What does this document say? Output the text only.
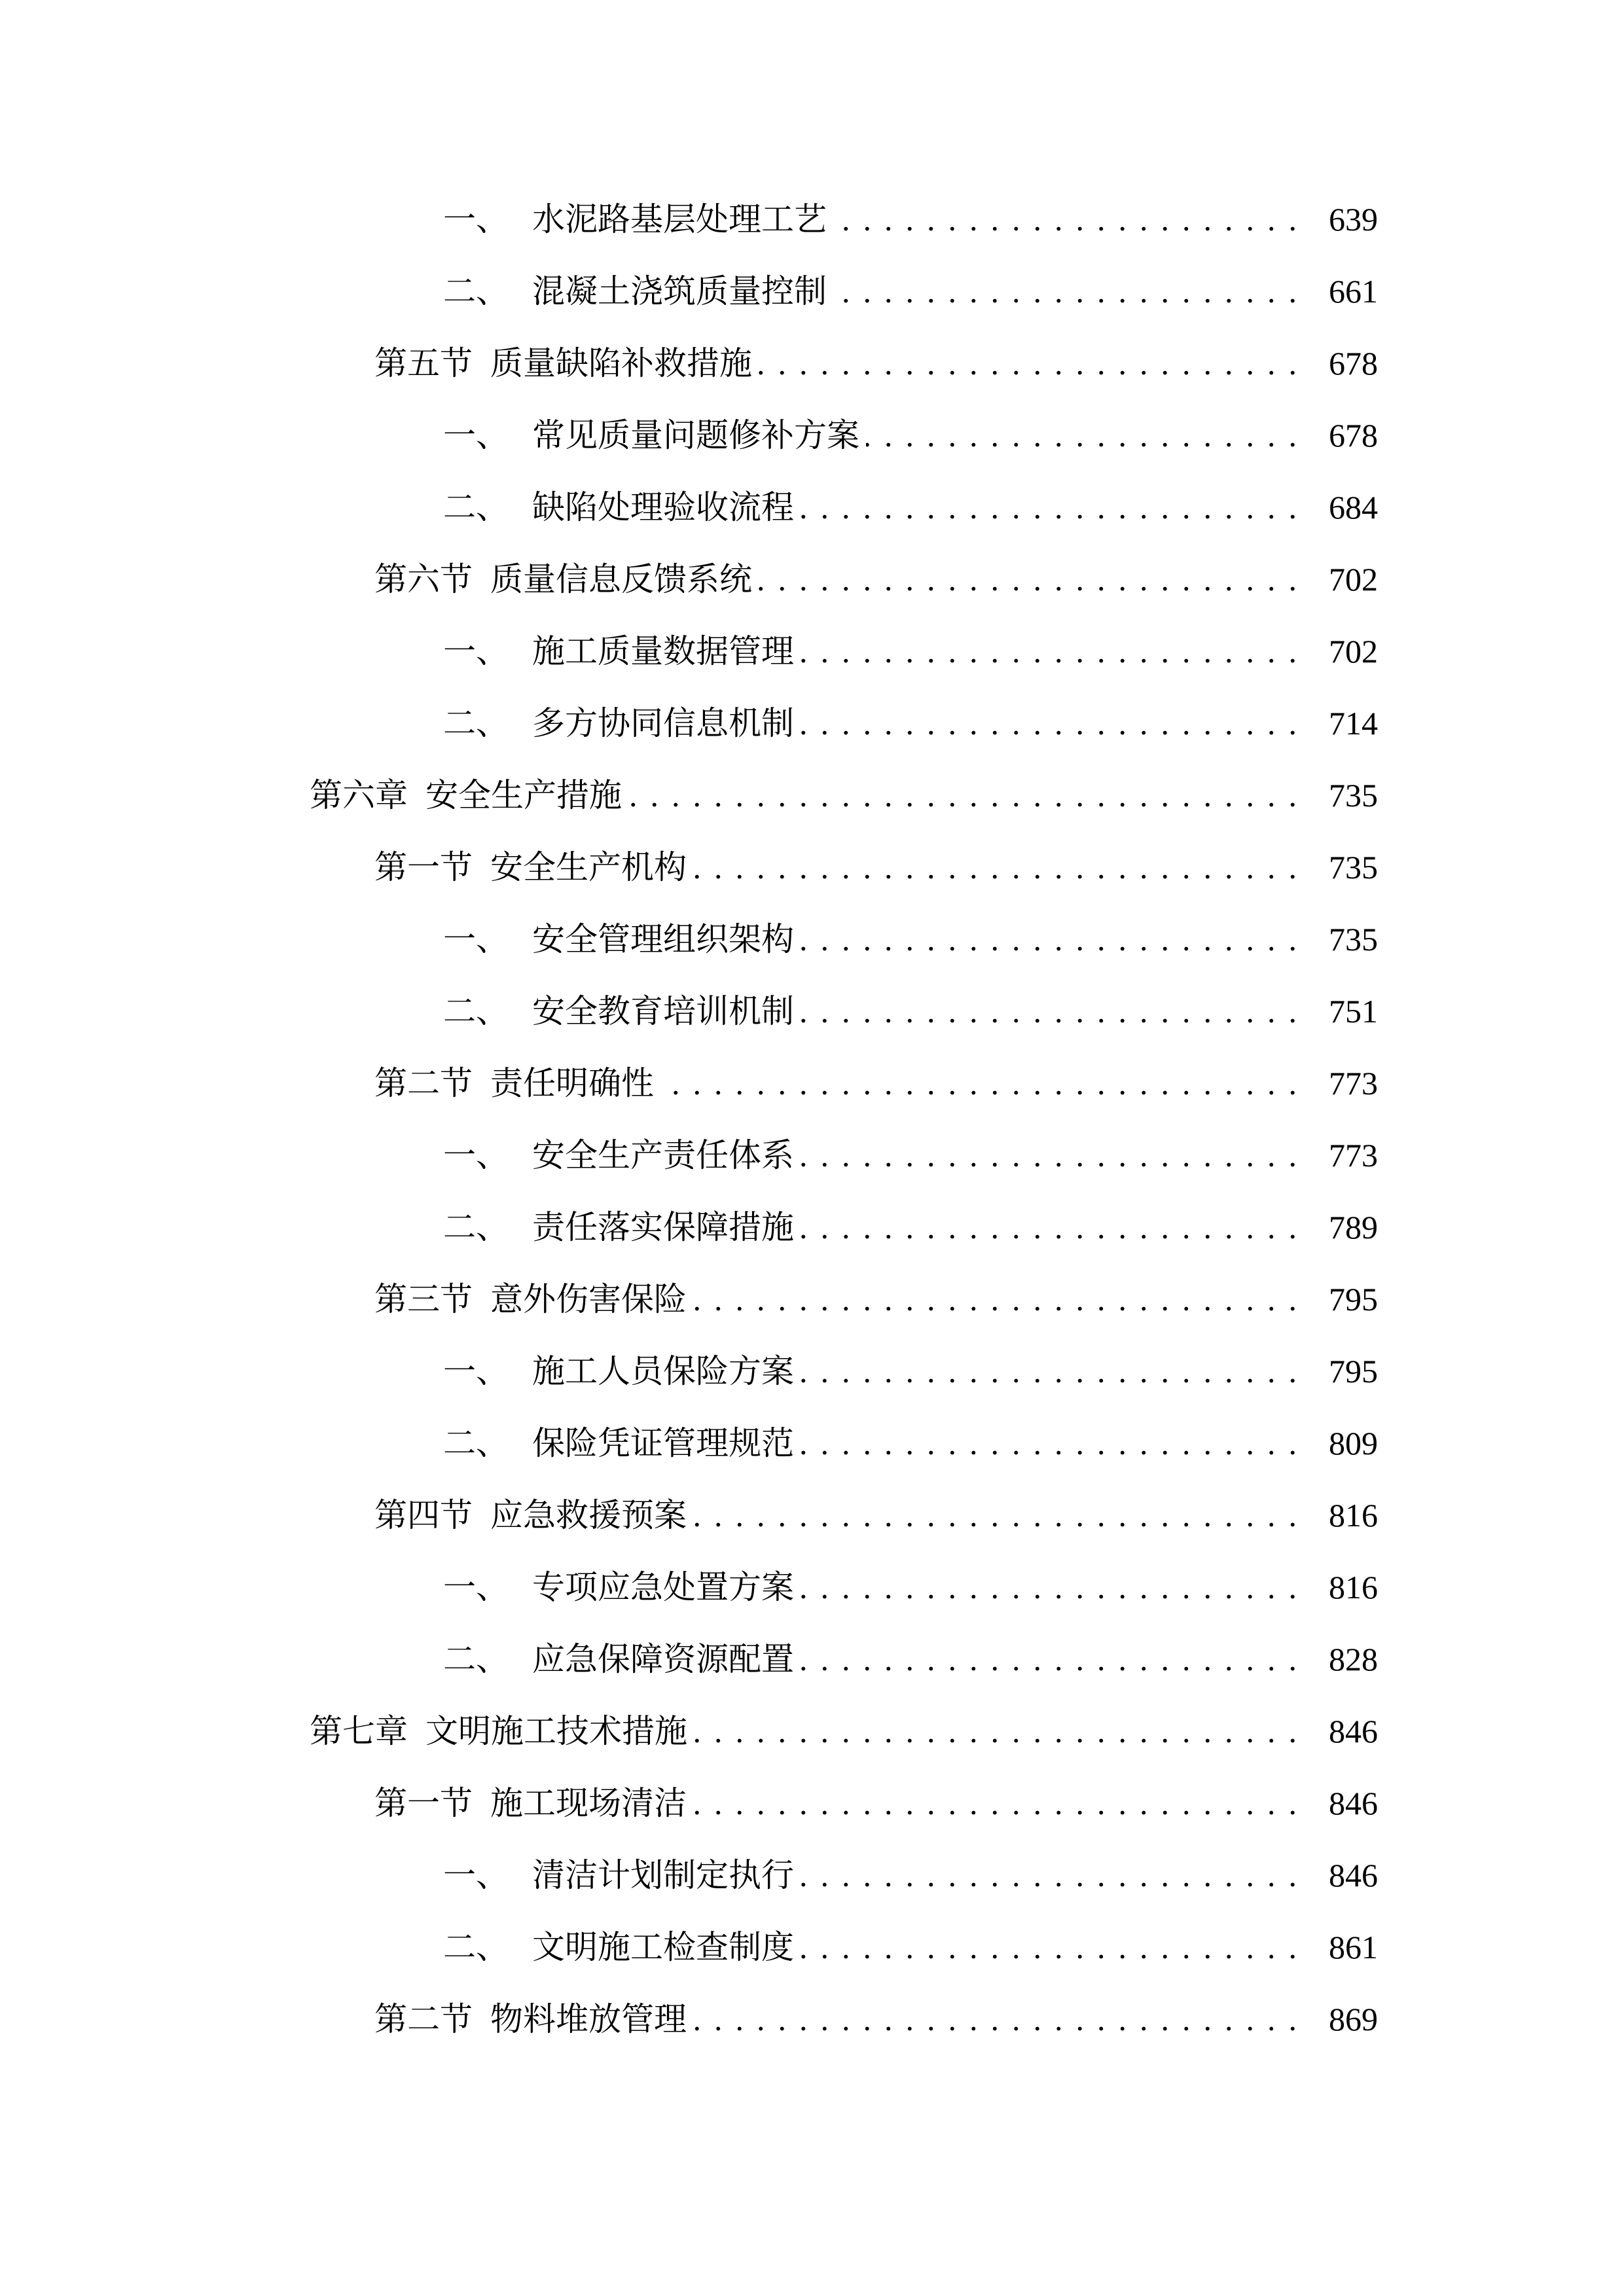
一、 水泥路基层处理工艺 .....	639
二、 混凝土浇筑质量控制 .....	661
第五节 质量缺陷补救措施 .....	678
一、 常见质量问题修补方案 .....	678
二、 缺陷处理验收流程 .....	684
第六节 质量信息反馈系统 .....	702
一、 施工质量数据管理 .....	702
二、 多方协同信息机制 .....	714
第六章 安全生产措施 .....	735
第一节 安全生产机构 .....	735
一、 安全管理组织架构 .....	735
二、 安全教育培训机制 .....	751
第二节 责任明确性 .....	773
一、 安全生产责任体系 .....	773
二、 责任落实保障措施 .....	789
第三节 意外伤害保险 .....	795
一、 施工人员保险方案 .....	795
二、 保险凭证管理规范 .....	809
第四节 应急救援预案 .....	816
一、 专项应急处置方案 .....	816
二、 应急保障资源配置 .....	828
第七章 文明施工技术措施 .....	846
第一节 施工现场清洁 .....	846
一、 清洁计划制定执行 .....	846
二、 文明施工检查制度 .....	861
第二节 物料堆放管理 .....	869
